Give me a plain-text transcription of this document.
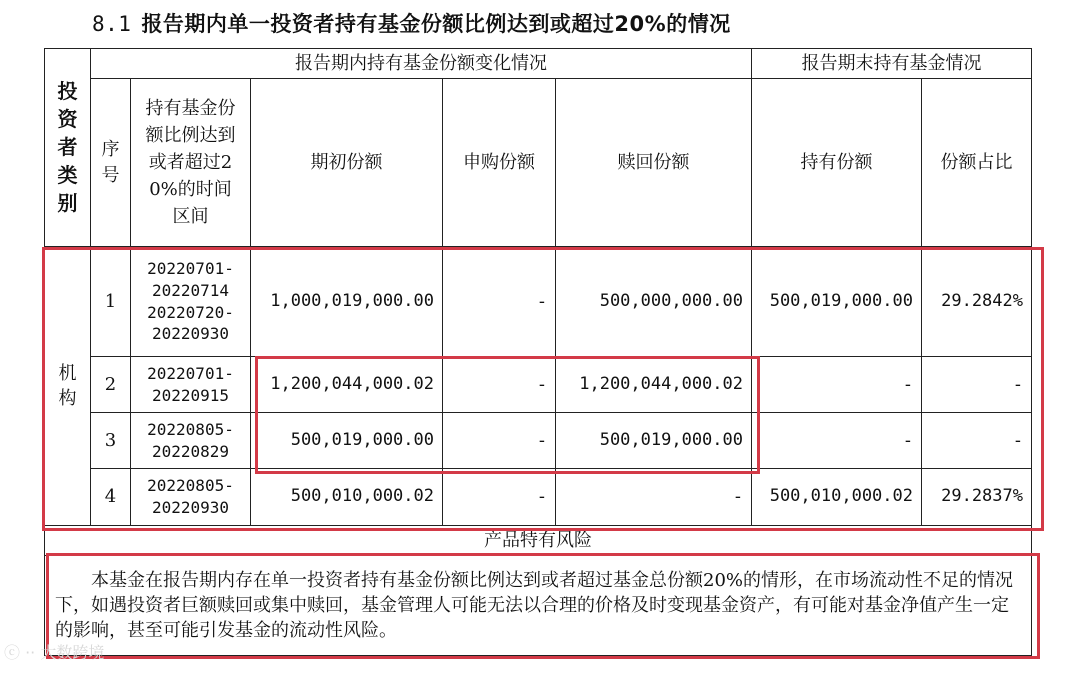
8.1 报告期内单一投资者持有基金份额比例达到或超过20%的情况
投资者类别	报告期内持有基金份额变化情况					报告期末持有基金情况	
	序号	持有基金份额比例达到或者超过20%的时间区间	期初份额	申购份额	赎回份额	持有份额	份额占比
机构	1	20220701-
20220714
20220720-
20220930	1,000,019,000.00	-	500,000,000.00	500,019,000.00	29.2842%
	2	20220701-
20220915	1,200,044,000.02	-	1,200,044,000.02	-	-
	3	20220805-
20220829	500,019,000.00	-	500,019,000.00	-	-
	4	20220805-
20220930	500,010,000.02	-	-	500,010,000.02	29.2837%
产品特有风险							
本基金在报告期内存在单一投资者持有基金份额比例达到或者超过基金总份额20%的情形，在市场流动性不足的情况下，如遇投资者巨额赎回或集中赎回，基金管理人可能无法以合理的价格及时变现基金资产，有可能对基金净值产生一定的影响，甚至可能引发基金的流动性风险。							
ⓒ ·· 大数跨境
